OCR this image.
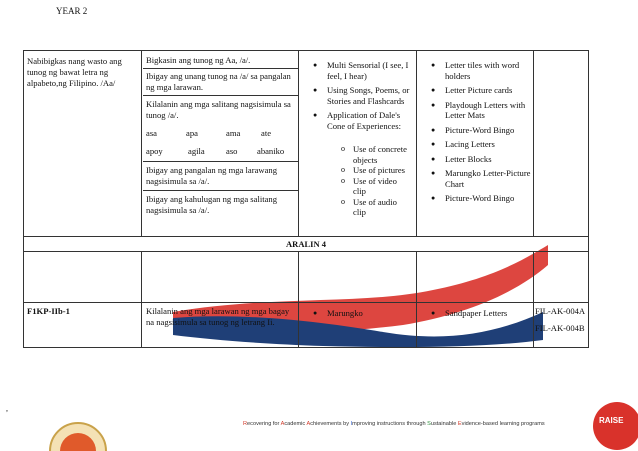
YEAR 2
Nabibigkas nang wasto ang tunog ng bawat letra ng alpabeto,ng Filipino. /Aa/
Bigkasin ang tunog ng Aa, /a/.
Ibigay ang unang tunog na /a/ sa pangalan ng mga larawan.
Kilalanin ang mga salitang nagsisimula sa tunog /a/.
asa	apa	ama ate
apoy	agila aso abaniko
Ibigay ang pangalan ng mga larawang nagsisimula sa /a/.
Ibigay ang kahulugan ng mga salitang nagsisimula sa /a/.
● Multi Sensorial (I see, I feel, I hear)
● Using Songs, Poems, or Stories and Flashcards
● Application of Dale's Cone of Experiences:
o Use of concrete objects
o Use of pictures
o Use of video clip
o Use of audio clip
● Letter tiles with word holders
● Letter Picture cards
● Playdough Letters with Letter Mats
● Picture-Word Bingo
● Lacing Letters
● Letter Blocks
● Marungko Letter-Picture Chart
● Picture-Word Bingo
ARALIN 4
F1KP-IIb-1	Kilalanin ang mga larawan ng mga bagay na nagsisimula sa tunog ng letrang Ii.
● Marungko
●	Sandpaper Letters	FIL-AK-004A
FIL-AK-004B
,
Recovering for Academic Achievements by Improving instructions through Sustainable Evidence-based learning programs	RAISE
